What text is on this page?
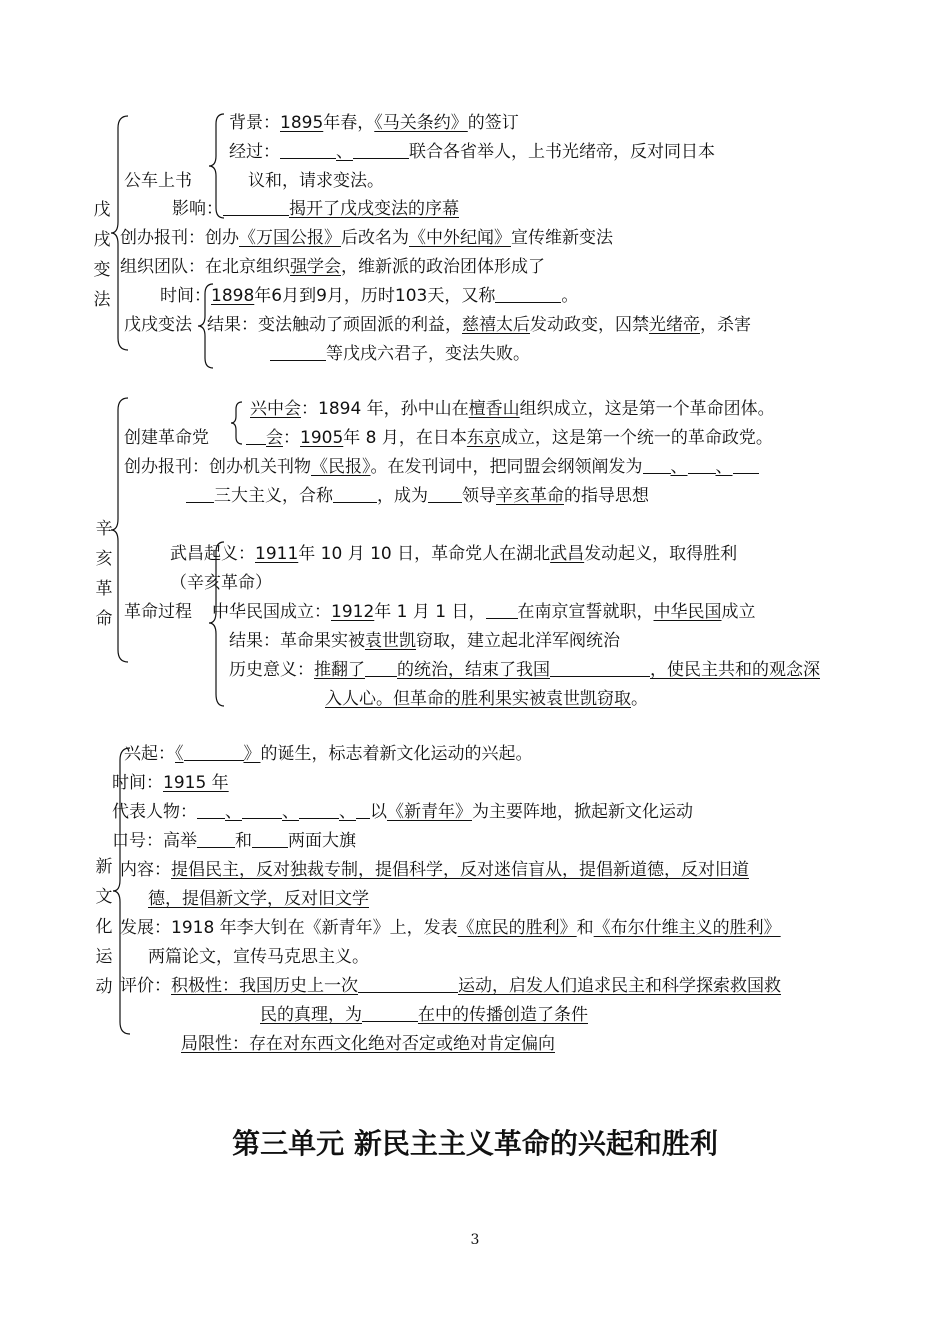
戊
戌
变
法
背景：1895年春，《马关条约》的签订
经过：	、	联合各省举人，上书光绪帝，反对同日本
公车上书	议和，请求变法。
影响：	揭开了戊戌变法的序幕
创办报刊：创办《万国公报》后改名为《中外纪闻》宣传维新变法
组织团队：在北京组织强学会，维新派的政治团体形成了
时间：1898年6月到9月，历时103天，又称	。
戊戌变法 结果：变法触动了顽固派的利益，慈禧太后发动政变，囚禁光绪帝，杀害
等戊戌六君子，变法失败。
辛
亥
革
命
兴中会：1894 年，孙中山在檀香山组织成立，这是第一个革命团体。
创建革命党	会：1905年 8 月，在日本东京成立，这是第一个统一的革命政党。
创办报刊：创办机关刊物《民报》。在发刊词中，把同盟会纲领阐发为 、 、
三大主义，合称	，成为 领导辛亥革命的指导思想
武昌起义：1911年 10 月 10 日，革命党人在湖北武昌发动起义，取得胜利
（辛亥革命）
革命过程 中华民国成立：1912年 1 月 1 日， 在南京宣誓就职，中华民国成立
结果：革命果实被袁世凯窃取，建立起北洋军阀统治
历史意义：推翻了 的统治，结束了我国	，使民主共和的观念深
入人心。但革命的胜利果实被袁世凯窃取。
新
文
化
运
动
兴起：《	》的诞生，标志着新文化运动的兴起。
时间：1915 年
代表人物： 、 、 、 以《新青年》为主要阵地，掀起新文化运动
口号：高举 和 两面大旗
内容：提倡民主，反对独裁专制，提倡科学，反对迷信盲从，提倡新道德，反对旧道
德，提倡新文学，反对旧文学
发展：1918 年李大钊在《新青年》上，发表《庶民的胜利》和《布尔什维主义的胜利》
两篇论文，宣传马克思主义。
评价：积极性：我国历史上一次	运动，启发人们追求民主和科学探索救国救
民的真理，为	在中的传播创造了条件
局限性：存在对东西文化绝对否定或绝对肯定偏向
第三单元 新民主主义革命的兴起和胜利
3
